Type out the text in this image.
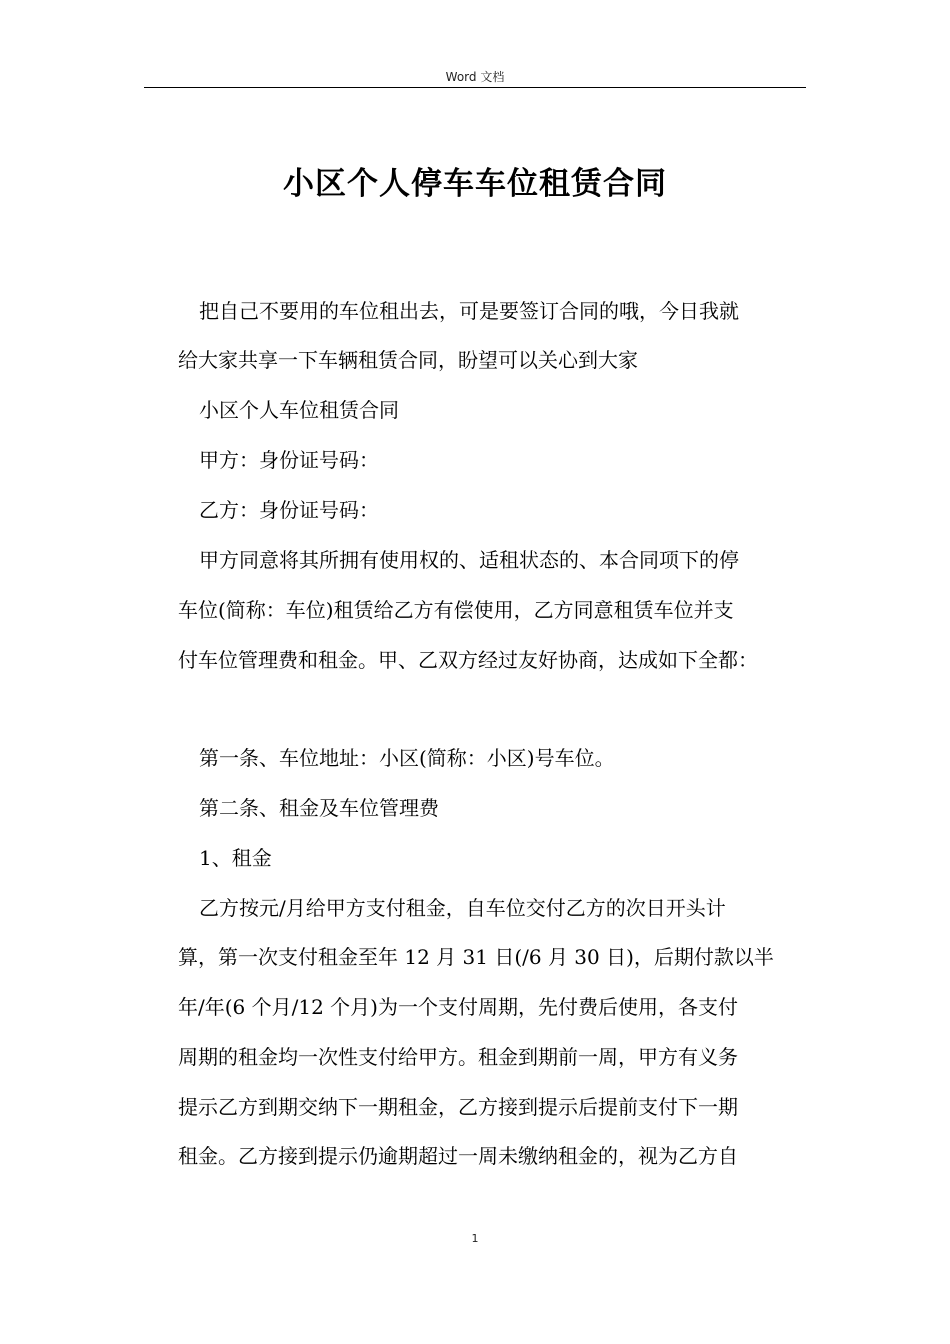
Word 文档
小区个人停车车位租赁合同
把自己不要用的车位租出去，可是要签订合同的哦，今日我就
给大家共享一下车辆租赁合同，盼望可以关心到大家
小区个人车位租赁合同
甲方：身份证号码：
乙方：身份证号码：
甲方同意将其所拥有使用权的、适租状态的、本合同项下的停
车位(简称：车位)租赁给乙方有偿使用，乙方同意租赁车位并支
付车位管理费和租金。甲、乙双方经过友好协商，达成如下全都：
第一条、车位地址：小区(简称：小区)号车位。
第二条、租金及车位管理费
1、租金
乙方按元/月给甲方支付租金，自车位交付乙方的次日开头计
算，第一次支付租金至年 12 月 31 日(/6 月 30 日)，后期付款以半
年/年(6 个月/12 个月)为一个支付周期，先付费后使用，各支付
周期的租金均一次性支付给甲方。租金到期前一周，甲方有义务
提示乙方到期交纳下一期租金，乙方接到提示后提前支付下一期
租金。乙方接到提示仍逾期超过一周未缴纳租金的，视为乙方自
1
